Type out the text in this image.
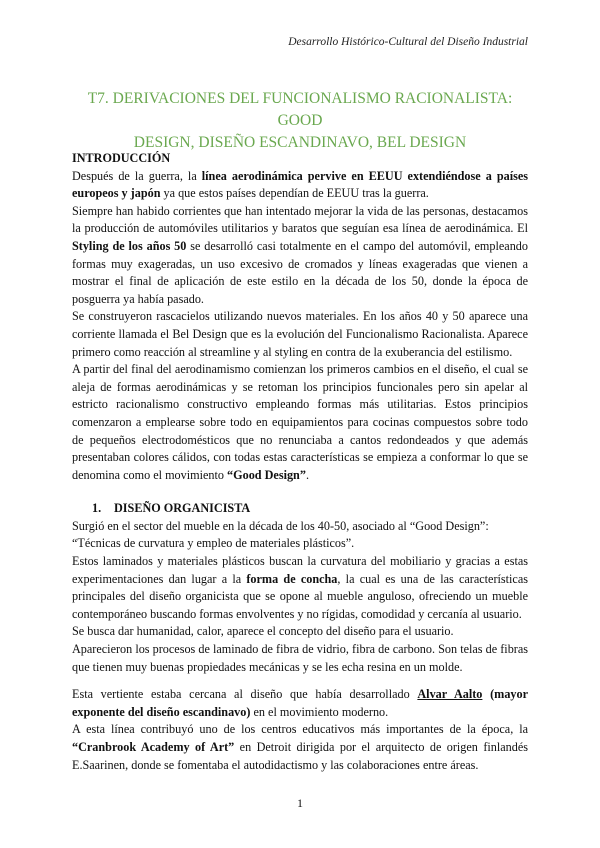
Desarrollo Histórico-Cultural del Diseño Industrial
T7. DERIVACIONES DEL FUNCIONALISMO RACIONALISTA: GOOD
DESIGN, DISEÑO ESCANDINAVO, BEL DESIGN

INTRODUCCIÓN

Después de la guerra, la línea aerodinámica pervive en EEUU extendiéndose a países europeos y japón ya que estos países dependían de EEUU tras la guerra.

Siempre han habido corrientes que han intentado mejorar la vida de las personas, destacamos la producción de automóviles utilitarios y baratos que seguían esa línea de aerodinámica. El Styling de los años 50 se desarrolló casi totalmente en el campo del automóvil, empleando formas muy exageradas, un uso excesivo de cromados y líneas exageradas que vienen a mostrar el final de aplicación de este estilo en la década de los 50, donde la época de posguerra ya había pasado.

Se construyeron rascacielos utilizando nuevos materiales. En los años 40 y 50 aparece una corriente llamada el Bel Design que es la evolución del Funcionalismo Racionalista. Aparece primero como reacción al streamline y al styling en contra de la exuberancia del estilismo.

A partir del final del aerodinamismo comienzan los primeros cambios en el diseño, el cual se aleja de formas aerodinámicas y se retoman los principios funcionales pero sin apelar al estricto racionalismo constructivo empleando formas más utilitarias. Estos principios comenzaron a emplearse sobre todo en equipamientos para cocinas compuestos sobre todo de pequeños electrodomésticos que no renunciaba a cantos redondeados y que además presentaban colores cálidos, con todas estas características se empieza a conformar lo que se denomina como el movimiento “Good Design”.

1. DISEÑO ORGANICISTA

Surgió en el sector del mueble en la década de los 40-50, asociado al “Good Design”:

“Técnicas de curvatura y empleo de materiales plásticos”.

Estos laminados y materiales plásticos buscan la curvatura del mobiliario y gracias a estas experimentaciones dan lugar a la forma de concha, la cual es una de las características principales del diseño organicista que se opone al mueble anguloso, ofreciendo un mueble contemporáneo buscando formas envolventes y no rígidas, comodidad y cercanía al usuario.

Se busca dar humanidad, calor, aparece el concepto del diseño para el usuario.

Aparecieron los procesos de laminado de fibra de vidrio, fibra de carbono. Son telas de fibras que tienen muy buenas propiedades mecánicas y se les echa resina en un molde.

Esta vertiente estaba cercana al diseño que había desarrollado Alvar Aalto (mayor exponente del diseño escandinavo) en el movimiento moderno.

A esta línea contribuyó uno de los centros educativos más importantes de la época, la “Cranbrook Academy of Art” en Detroit dirigida por el arquitecto de origen finlandés E.Saarinen, donde se fomentaba el autodidactismo y las colaboraciones entre áreas.

1
